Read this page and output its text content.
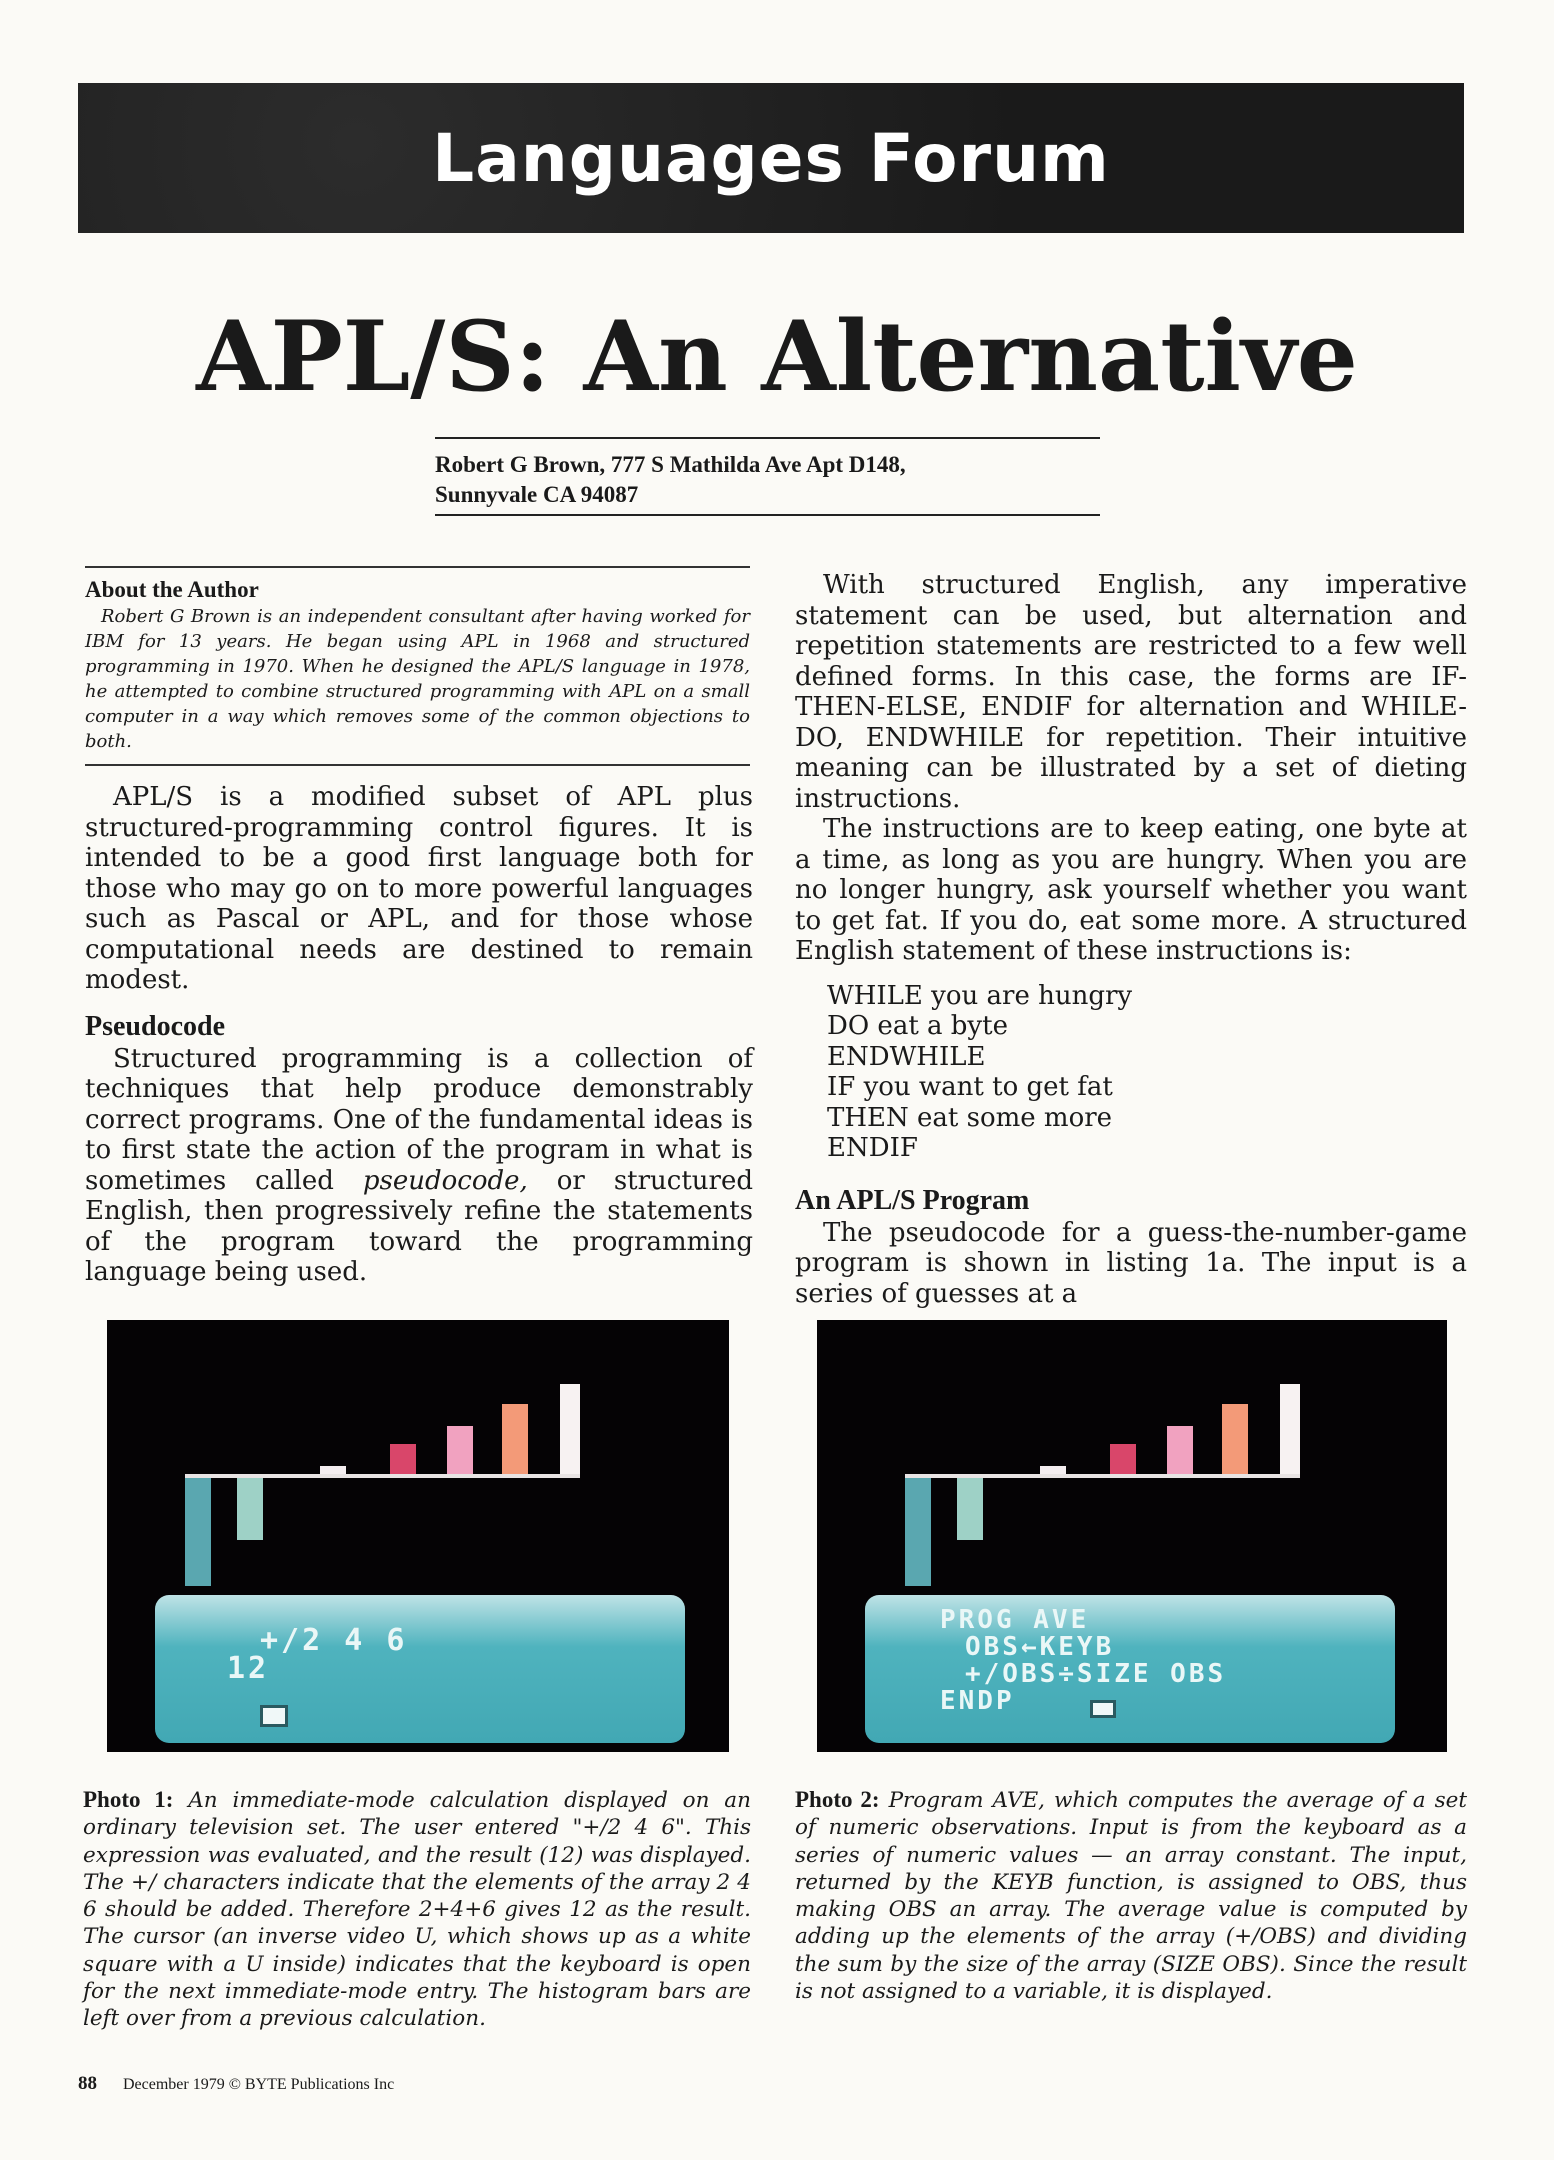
Languages Forum
APL/S: An Alternative
Robert G Brown, 777 S Mathilda Ave Apt D148,
Sunnyvale CA 94087
About the Author

Robert G Brown is an independent consultant after having worked for IBM for 13 years. He began using APL in 1968 and structured programming in 1970. When he designed the APL/S language in 1978, he attempted to combine structured programming with APL on a small computer in a way which removes some of the common objections to both.

APL/S is a modified subset of APL plus structured-programming control figures. It is intended to be a good first language both for those who may go on to more powerful languages such as Pascal or APL, and for those whose computational needs are destined to remain modest.

Pseudocode

Structured programming is a collection of techniques that help produce demonstrably correct programs. One of the fundamental ideas is to first state the action of the program in what is sometimes called pseudocode, or structured English, then progressively refine the statements of the program toward the programming language being used.

With structured English, any imperative statement can be used, but alternation and repetition statements are restricted to a few well defined forms. In this case, the forms are IF-THEN-ELSE, ENDIF for alternation and WHILE-DO, ENDWHILE for repetition. Their intuitive meaning can be illustrated by a set of dieting instructions.

The instructions are to keep eating, one byte at a time, as long as you are hungry. When you are no longer hungry, ask yourself whether you want to get fat. If you do, eat some more. A structured English statement of these instructions is:

WHILE you are hungry
DO eat a byte
ENDWHILE
IF you want to get fat
THEN eat some more
ENDIF
An APL/S Program

The pseudocode for a guess-the-number-game program is shown in listing 1a. The input is a series of guesses at a

+/2 4 6
12
PROG AVE
OBS←KEYB
+/OBS÷SIZE OBS
ENDP
Photo 1: An immediate-mode calculation displayed on an ordinary television set. The user entered "+/2 4 6". This expression was evaluated, and the result (12) was displayed. The +/ characters indicate that the elements of the array 2 4 6 should be added. Therefore 2+4+6 gives 12 as the result. The cursor (an inverse video U, which shows up as a white square with a U inside) indicates that the keyboard is open for the next immediate-mode entry. The histogram bars are left over from a previous calculation.
Photo 2: Program AVE, which computes the average of a set of numeric observations. Input is from the keyboard as a series of numeric values — an array constant. The input, returned by the KEYB function, is assigned to OBS, thus making OBS an array. The average value is computed by adding up the elements of the array (+/OBS) and dividing the sum by the size of the array (SIZE OBS). Since the result is not assigned to a variable, it is displayed.
88 December 1979 © BYTE Publications Inc
